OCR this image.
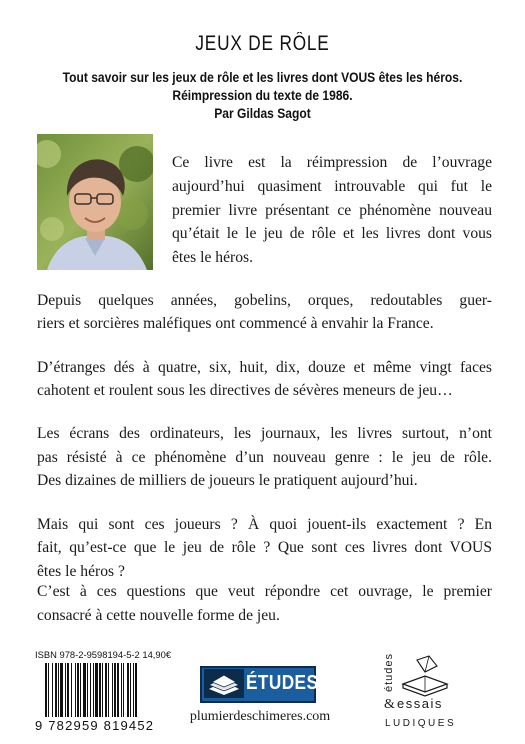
JEUX DE RÔLE
Tout savoir sur les jeux de rôle et les livres dont VOUS êtes les héros.
Réimpression du texte de 1986.
Par Gildas Sagot
Ce livre est la réimpression de l’ouvrage
aujourd’hui quasiment introuvable qui fut le
premier livre présentant ce phénomène nouveau
qu’était le le jeu de rôle et les livres dont vous
êtes le héros.
Depuis quelques années, gobelins, orques, redoutables guer-
riers et sorcières maléfiques ont commencé à envahir la France.
D’étranges dés à quatre, six, huit, dix, douze et même vingt faces
cahotent et roulent sous les directives de sévères meneurs de jeu…
Les écrans des ordinateurs, les journaux, les livres surtout, n’ont
pas résisté à ce phénomène d’un nouveau genre : le jeu de rôle.
Des dizaines de milliers de joueurs le pratiquent aujourd’hui.
Mais qui sont ces joueurs ? À quoi jouent-ils exactement ? En
fait, qu’est-ce que le jeu de rôle ? Que sont ces livres dont VOUS
êtes le héros ?
C’est à ces questions que veut répondre cet ouvrage, le premier
consacré à cette nouvelle forme de jeu.
ISBN 978-2-9598194-5-2 14,90€
9 782959 819452
ÉTUDES
plumierdeschimeres.com
études
& essais
LUDIQUES
